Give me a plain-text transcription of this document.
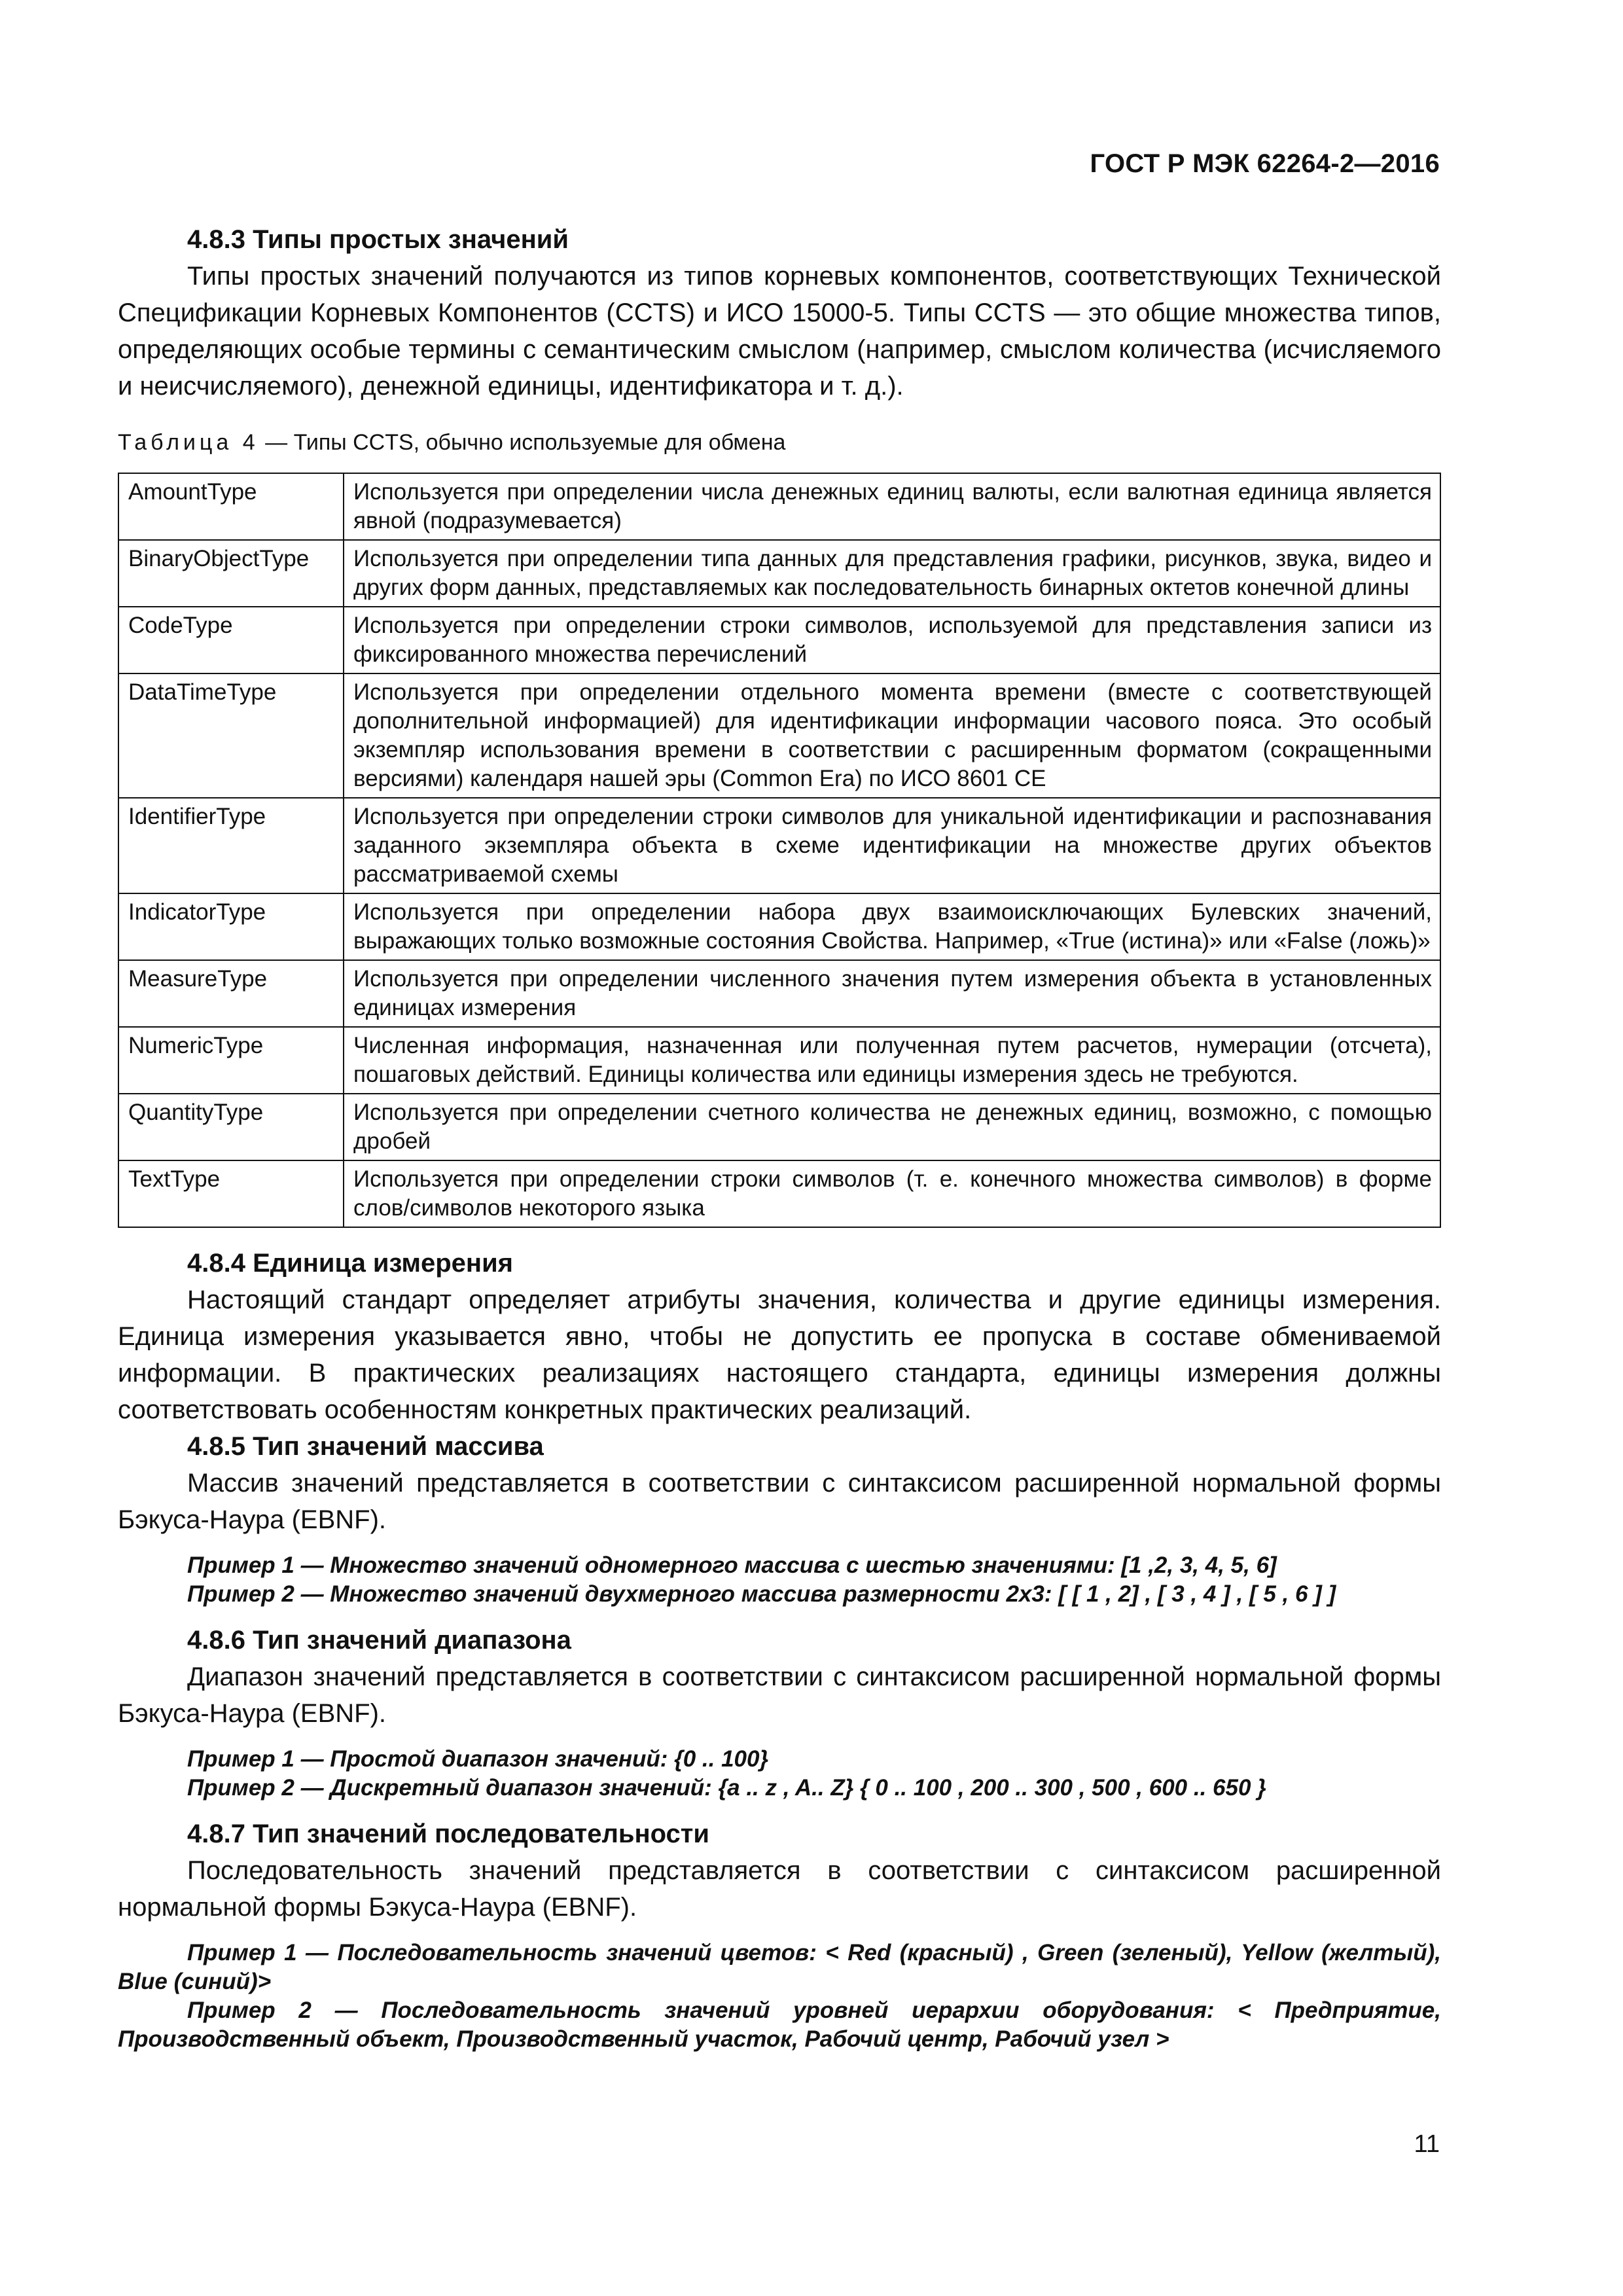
ГОСТ Р МЭК 62264-2—2016

4.8.3 Типы простых значений

Типы простых значений получаются из типов корневых компонентов, соответствующих Технической Спецификации Корневых Компонентов (CCTS) и ИСО 15000-5. Типы CCTS — это общие множества типов, определяющих особые термины с семантическим смыслом (например, смыслом количества (исчисляемого и неисчисляемого), денежной единицы, идентификатора и т. д.).

Таблица 4 — Типы CCTS, обычно используемые для обмена
AmountType	Используется при определении числа денежных единиц валюты, если валютная единица является явной (подразумевается)
BinaryObjectType	Используется при определении типа данных для представления графики, рисунков, звука, видео и других форм данных, представляемых как последовательность бинарных октетов конечной длины
CodeType	Используется при определении строки символов, используемой для представления записи из фиксированного множества перечислений
DataTimeType	Используется при определении отдельного момента времени (вместе с соответствующей дополнительной информацией) для идентификации информации часового пояса. Это особый экземпляр использования времени в соответствии с расширенным форматом (сокращенными версиями) календаря нашей эры (Common Era) по ИСО 8601 CE
IdentifierType	Используется при определении строки символов для уникальной идентификации и распознавания заданного экземпляра объекта в схеме идентификации на множестве других объектов рассматриваемой схемы
IndicatorType	Используется при определении набора двух взаимоисключающих Булевских значений, выражающих только возможные состояния Свойства. Например, «True (истина)» или «False (ложь)»
MeasureType	Используется при определении численного значения путем измерения объекта в установленных единицах измерения
NumericType	Численная информация, назначенная или полученная путем расчетов, нумерации (отсчета), пошаговых действий. Единицы количества или единицы измерения здесь не требуются.
QuantityType	Используется при определении счетного количества не денежных единиц, возможно, с помощью дробей
TextType	Используется при определении строки символов (т. е. конечного множества символов) в форме слов/символов некоторого языка

4.8.4 Единица измерения

Настоящий стандарт определяет атрибуты значения, количества и другие единицы измерения. Единица измерения указывается явно, чтобы не допустить ее пропуска в составе обмениваемой информации. В практических реализациях настоящего стандарта, единицы измерения должны соответствовать особенностям конкретных практических реализаций.

4.8.5 Тип значений массива

Массив значений представляется в соответствии с синтаксисом расширенной нормальной формы Бэкуса-Наура (EBNF).

Пример 1 — Множество значений одномерного массива с шестью значениями: [1 ,2, 3, 4, 5, 6]

Пример 2 — Множество значений двухмерного массива размерности 2x3: [ [ 1 , 2] , [ 3 , 4 ] , [ 5 , 6 ] ]

4.8.6 Тип значений диапазона

Диапазон значений представляется в соответствии с синтаксисом расширенной нормальной формы Бэкуса-Наура (EBNF).

Пример 1 — Простой диапазон значений: {0 .. 100}

Пример 2 — Дискретный диапазон значений: {a .. z , A.. Z} { 0 .. 100 , 200 .. 300 , 500 , 600 .. 650 }

4.8.7 Тип значений последовательности

Последовательность значений представляется в соответствии с синтаксисом расширенной нормальной формы Бэкуса-Наура (EBNF).

Пример 1 — Последовательность значений цветов: < Red (красный) , Green (зеленый), Yellow (желтый), Blue (синий)>

Пример 2 — Последовательность значений уровней иерархии оборудования: < Предприятие, Производственный объект, Производственный участок, Рабочий центр, Рабочий узел >

11
